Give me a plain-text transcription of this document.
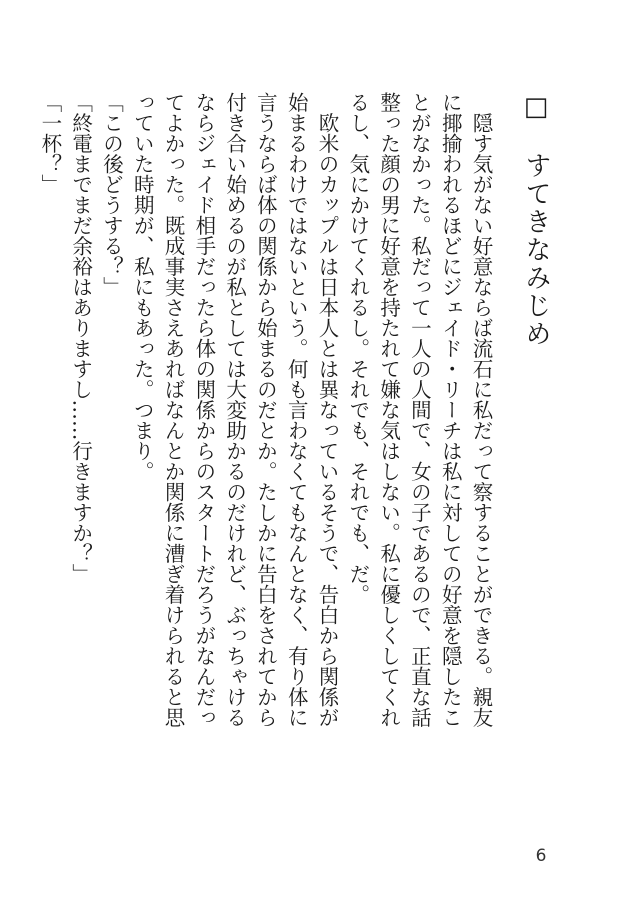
□　すてきなみじめ

　隠す気がない好意ならば流石に私だって察することができる。親友に揶揄われるほどにジェイド・リーチは私に対しての好意を隠したことがなかった。私だって一人の人間で、女の子であるので、正直な話整った顔の男に好意を持たれて嫌な気はしない。私に優しくしてくれるし、気にかけてくれるし。それでも、それでも、だ。

　欧米のカップルは日本人とは異なっているそうで、告白から関係が始まるわけではないという。何も言わなくてもなんとなく、有り体に言うならば体の関係から始まるのだとか。たしかに告白をされてから付き合い始めるのが私としては大変助かるのだけれど、ぶっちゃけるならジェイド相手だったら体の関係からのスタートだろうがなんだってよかった。既成事実さえあればなんとか関係に漕ぎ着けられると思っていた時期が、私にもあった。つまり。

「この後どうする？」

「終電までまだ余裕はありますし……行きますか？」

「一杯？」

6
